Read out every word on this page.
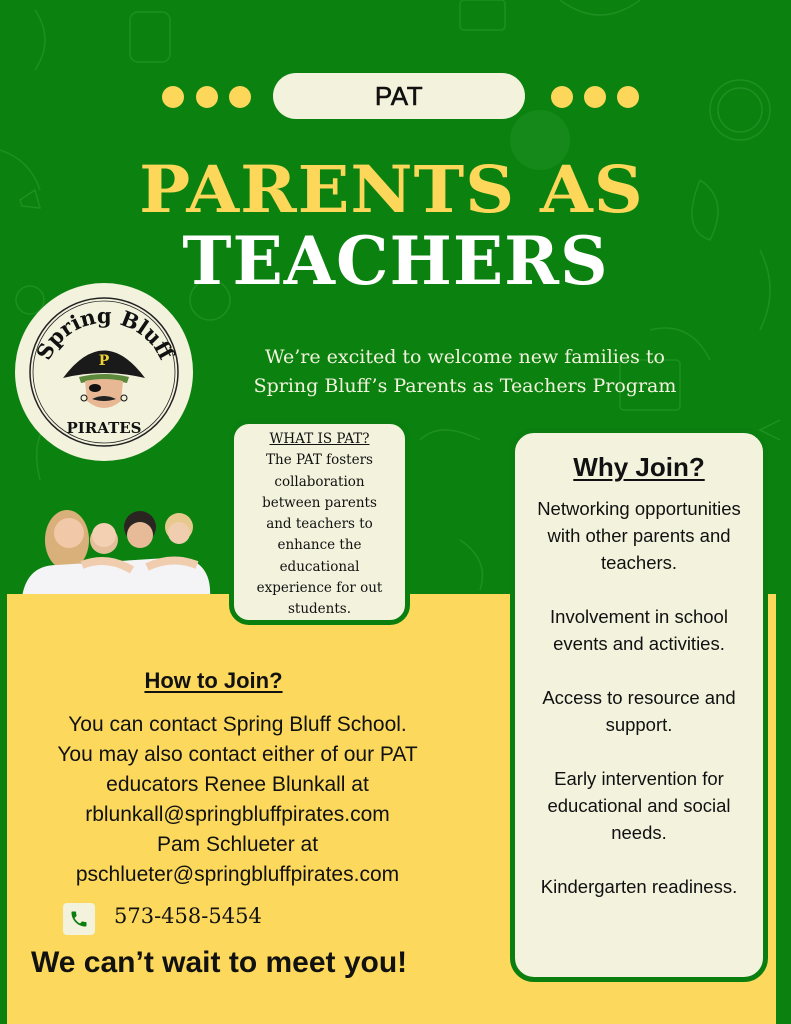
PAT
PARENTS AS
TEACHERS
Spring Bluff
P
PIRATES
We’re excited to welcome new families to
Spring Bluff’s Parents as Teachers Program
WHAT IS PAT?
The PAT fosters
collaboration
between parents
and teachers to
enhance the
educational
experience for out
students.
Why Join?
Networking opportunities with other parents and teachers.
Involvement in school events and activities.
Access to resource and support.
Early intervention for educational and social needs.
Kindergarten readiness.
How to Join?
You can contact Spring Bluff School.
You may also contact either of our PAT
educators Renee Blunkall at
rblunkall@springbluffpirates.com
Pam Schlueter at
pschlueter@springbluffpirates.com
573-458-5454
We can’t wait to meet you!
